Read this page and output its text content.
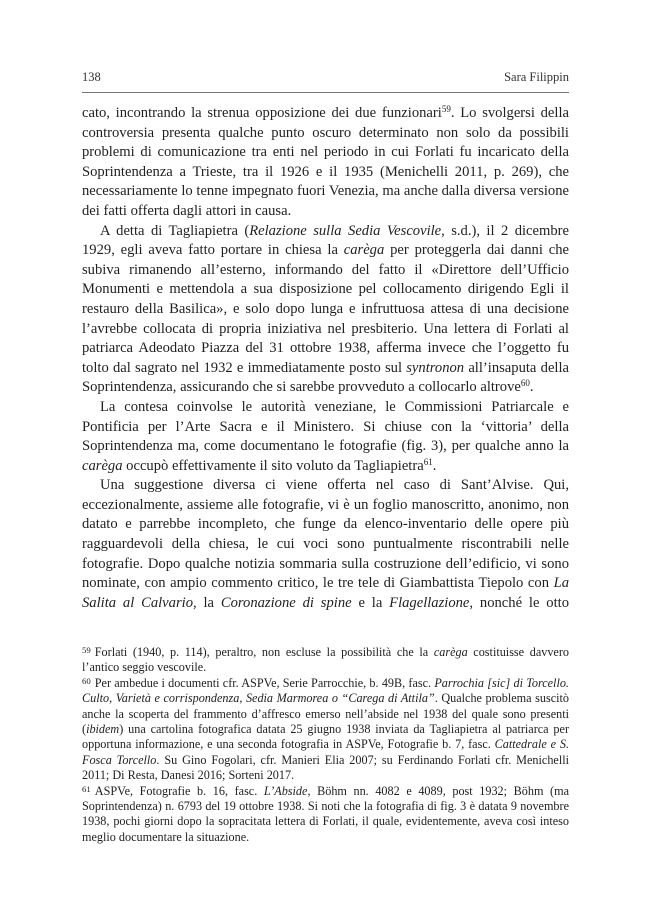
138	Sara Filippin

cato, incontrando la strenua opposizione dei due funzionari$^{59}$. Lo svolgersi della controversia presenta qualche punto oscuro determinato non solo da possibili problemi di comunicazione tra enti nel periodo in cui Forlati fu incaricato della Soprintendenza a Trieste, tra il 1926 e il 1935 (Menichelli 2011, p. 269), che necessariamente lo tenne impegnato fuori Venezia, ma anche dalla diversa versione dei fatti offerta dagli attori in causa.

A detta di Tagliapietra (Relazione sulla Sedia Vescovile, s.d.), il 2 dicembre 1929, egli aveva fatto portare in chiesa la carèga per proteggerla dai danni che subiva rimanendo all’esterno, informando del fatto il «Direttore dell’Ufficio Monumenti e mettendola a sua disposizione pel collocamento dirigendo Egli il restauro della Basilica», e solo dopo lunga e infruttuosa attesa di una decisione l’avrebbe collocata di propria iniziativa nel presbiterio. Una lettera di Forlati al patriarca Adeodato Piazza del 31 ottobre 1938, afferma invece che l’oggetto fu tolto dal sagrato nel 1932 e immediatamente posto sul syntronon all’insaputa della Soprintendenza, assicurando che si sarebbe provveduto a collocarlo altrove$^{60}$.

La contesa coinvolse le autorità veneziane, le Commissioni Patriarcale e Pontificia per l’Arte Sacra e il Ministero. Si chiuse con la ‘vittoria’ della Soprintendenza ma, come documentano le fotografie (fig. 3), per qualche anno la carèga occupò effettivamente il sito voluto da Tagliapietra$^{61}$.

Una suggestione diversa ci viene offerta nel caso di Sant’Alvise. Qui, eccezionalmente, assieme alle fotografie, vi è un foglio manoscritto, anonimo, non datato e parrebbe incompleto, che funge da elenco-inventario delle opere più ragguardevoli della chiesa, le cui voci sono puntualmente riscontrabili nelle fotografie. Dopo qualche notizia sommaria sulla costruzione dell’edificio, vi sono nominate, con ampio commento critico, le tre tele di Giambattista Tiepolo con La Salita al Calvario, la Coronazione di spine e la Flagellazione, nonché le otto

$^{59}$ Forlati (1940, p. 114), peraltro, non escluse la possibilità che la carèga costituisse davvero l’antico seggio vescovile.

$^{60}$ Per ambedue i documenti cfr. ASPVe, Serie Parrocchie, b. 49B, fasc. Parrochia [sic] di Torcello. Culto, Varietà e corrispondenza, Sedia Marmorea o “Carega di Attila”. Qualche problema suscitò anche la scoperta del frammento d’affresco emerso nell’abside nel 1938 del quale sono presenti (ibidem) una cartolina fotografica datata 25 giugno 1938 inviata da Tagliapietra al patriarca per opportuna informazione, e una seconda fotografia in ASPVe, Fotografie b. 7, fasc. Cattedrale e S. Fosca Torcello. Su Gino Fogolari, cfr. Manieri Elia 2007; su Ferdinando Forlati cfr. Menichelli 2011; Di Resta, Danesi 2016; Sorteni 2017.

$^{61}$ ASPVe, Fotografie b. 16, fasc. L’Abside, Böhm nn. 4082 e 4089, post 1932; Böhm (ma Soprintendenza) n. 6793 del 19 ottobre 1938. Si noti che la fotografia di fig. 3 è datata 9 novembre 1938, pochi giorni dopo la sopracitata lettera di Forlati, il quale, evidentemente, aveva così inteso meglio documentare la situazione.
